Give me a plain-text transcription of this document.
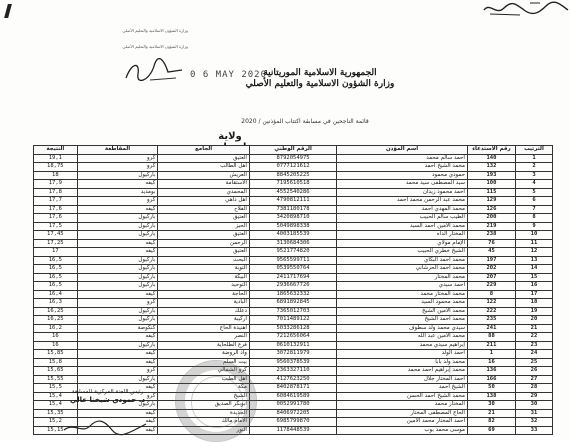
وزارة الشؤون الاسلامية والتعليم الأصلي
وزارة الشؤون الاسلامية والتعليم الأصلي
0 6 MAY 2020
الجمهورية الاسلامية الموريتانية
وزارة الشؤون الاسلامية والتعليم الأصلي
قائمة الناجحين في مسابقة اكتتاب المؤذنين / 2020
ولاية
الترتيب	رقم الاستدعاء	اسم المؤذن	الرقم الوطني	الجامع	المقاطعة	النتيجة
1	140	أحمد سالم محمد	8792054975	العتيق	كرو	19,1
2	132	محمد الشيخ أحمد	0777121612	أهل الطالب	كرو	18,75
3	193	حمودي محمود	8845205225	العريش	باركيول	18
4	100	سيد المصطفى سيد محمد	7195610518	الاستقامة	كيفه	17,9
5	115	أحمد محمود زيدان	4552540286	المحمدي	بومديد	17,8
6	129	محمد عبد الرحمن محمد أحمد	4790812111	أهل داهي	كرو	17,7
7	126	محمد المهدي أحمد	7381180178	الفلاح	كيفه	17,6
8	200	الطيب سالم الحبيب	3420898710	العتيق	باركيول	17,6
9	219	محمد الأمين أحمد السيد	5049898338	الحيز	باركيول	17,5
10	238	المختار الداه	4003185539	العتيق	باركيول	17,45
11	76	الإمام مولاي	3130684306	الرحمن	كيفه	17,25
12	45	الشيخ خطري الحبيب	9521774820	العتيق	كيفه	17
13	197	محمد أحمد البكاي	9565599711	البحث	باركيول	16,5
14	202	محمد أحمد الحرشاني	0539550764	التوبة	باركيول	16,5
15	207	محمد المختار	2411717694	البيكة	باركيول	16,5
16	229	أحمد سيدي	2936667726	التوحيد	باركيول	16,5
17	8	محمد المختار محمد	1865632332	الحاجة	كيفه	16,4
18	122	محمد محمود السيد	6891892845	البادية	كرو	16,3
19	222	محمد الأمين الشيخ	7365012703	دعلك	باركيول	16,25
20	235	محمد أحمد الشيخ	7011489122	أركيبة	باركيول	16,25
21	241	سيدي محمد ولد سطوف	5033286128	أهنيدة الحاج	كنكوصة	16,2
22	88	محمد الأمين عبد الله	7212656064	النصر	كيفه	16
23	211	إبراهيم سيدي محمد	0610132911	فرع الطلحاية	باركيول	16
24	1	أحمد الولد	3072811979	واد الروضة	كيفه	15,85
25	16	محمد ولد بابا	9560378539	بيت السلم	كيفه	15,8
26	136	محمد إبراهيم أحمد محمد	2363327110	كرو الشمالي	كرو	15,65
27	166	أحمد المختار جلال	4127623250	أهل الطيب	باركيول	15,55
28	50	الشيخ أحمد	8402878171	مكة	كيفه	15,5
29	138	محمد الشيخ أحمد الحسن	6084619589	الشيخ	كرو	15,4
30	30	المختار محمد	0052991780	أبوبكر الصديق	باركيول	15,4
31	21	الحاج المصطفى المختار	8406972205	الجديدة	كيفه	15,35
32	82	أحمد المختار محمد الأمين	6985799870	الامام مالك	كيفه	15,2
33	69	موسى محمد بوب	1178448539	النور	كيفه	15,15
رئيس اللجنة المركزية للمسابقة
د. حمودي شيخنا عالي
